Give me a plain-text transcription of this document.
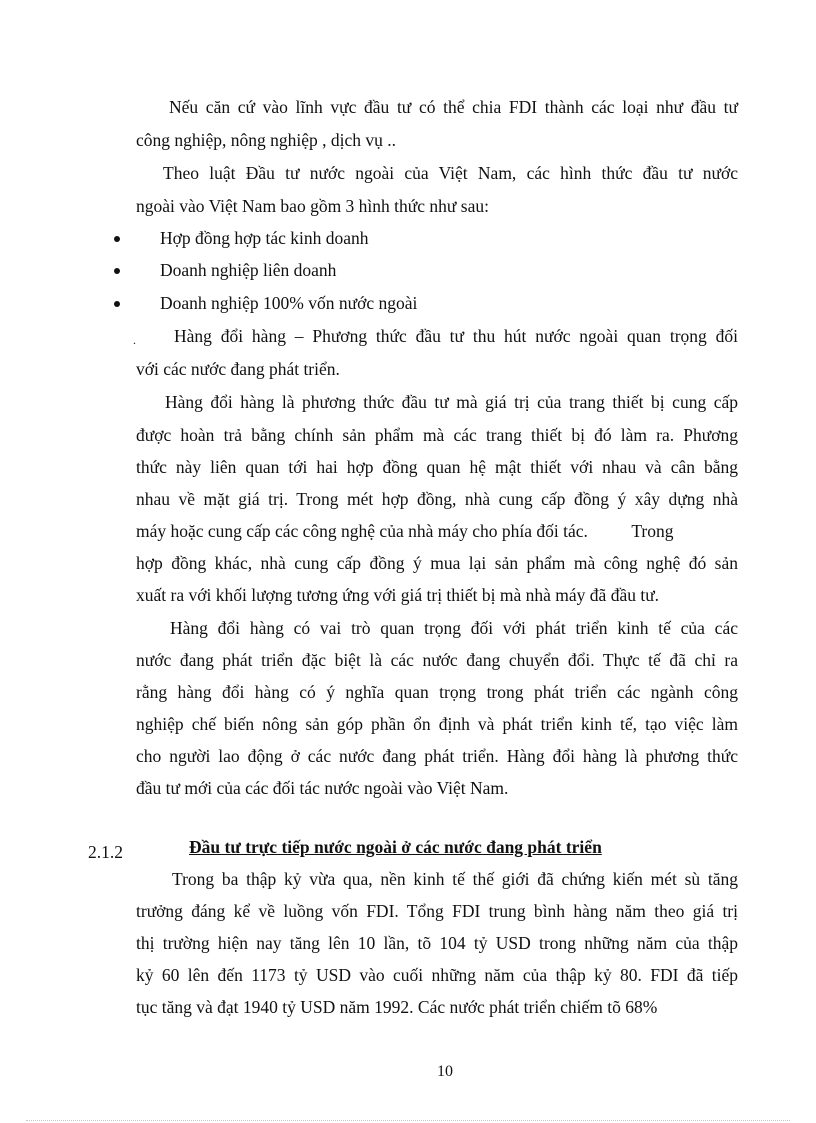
Nếu căn cứ vào lĩnh vực đầu tư có thể chia FDI thành các loại như đầu tư
công nghiệp, nông nghiệp , dịch vụ ..
Theo luật Đầu tư nước ngoài của Việt Nam, các hình thức đầu tư nước
ngoài vào Việt Nam bao gồm 3 hình thức như sau:
Hợp đồng hợp tác kinh doanh
Doanh nghiệp liên doanh
Doanh nghiệp 100% vốn nước ngoài
. Hàng đổi hàng – Phương thức đầu tư thu hút nước ngoài quan trọng đối
với các nước đang phát triển.
Hàng đổi hàng là phương thức đầu tư mà giá trị của trang thiết bị cung cấp
được hoàn trả bằng chính sản phẩm mà các trang thiết bị đó làm ra. Phương
thức này liên quan tới hai hợp đồng quan hệ mật thiết với nhau và cân bằng
nhau về mặt giá trị. Trong mét hợp đồng, nhà cung cấp đồng ý xây dựng nhà
máy hoặc cung cấp các công nghệ của nhà máy cho phía đối tác.          Trong
hợp đồng khác, nhà cung cấp đồng ý mua lại sản phẩm mà công nghệ đó sản
xuất ra với khối lượng tương ứng với giá trị thiết bị mà nhà máy đã đầu tư.
Hàng đổi hàng có vai trò quan trọng đối với phát triển kinh tế của các
nước đang phát triển đặc biệt là các nước đang chuyển đổi. Thực tế đã chỉ ra
rằng hàng đổi hàng có ý nghĩa quan trọng trong phát triển các ngành công
nghiệp chế biến nông sản góp phần ổn định và phát triển kinh tế, tạo việc làm
cho người lao động ở các nước đang phát triển. Hàng đổi hàng là phương thức
đầu tư mới của các đối tác nước ngoài vào Việt Nam.
2.1.2	Đầu tư trực tiếp nước ngoài ở các nước đang phát triển
Trong ba thập kỷ vừa qua, nền kinh tế thế giới đã chứng kiến mét sù tăng
trưởng đáng kể về luồng vốn FDI. Tổng FDI trung bình hàng năm theo giá trị
thị trường hiện nay tăng lên 10 lần, tõ 104 tỷ USD trong những năm của thập
kỷ 60 lên đến 1173 tỷ USD vào cuối những năm của thập kỷ 80. FDI đã tiếp
tục tăng và đạt 1940 tỷ USD năm 1992. Các nước phát triển chiếm tõ 68%
10
